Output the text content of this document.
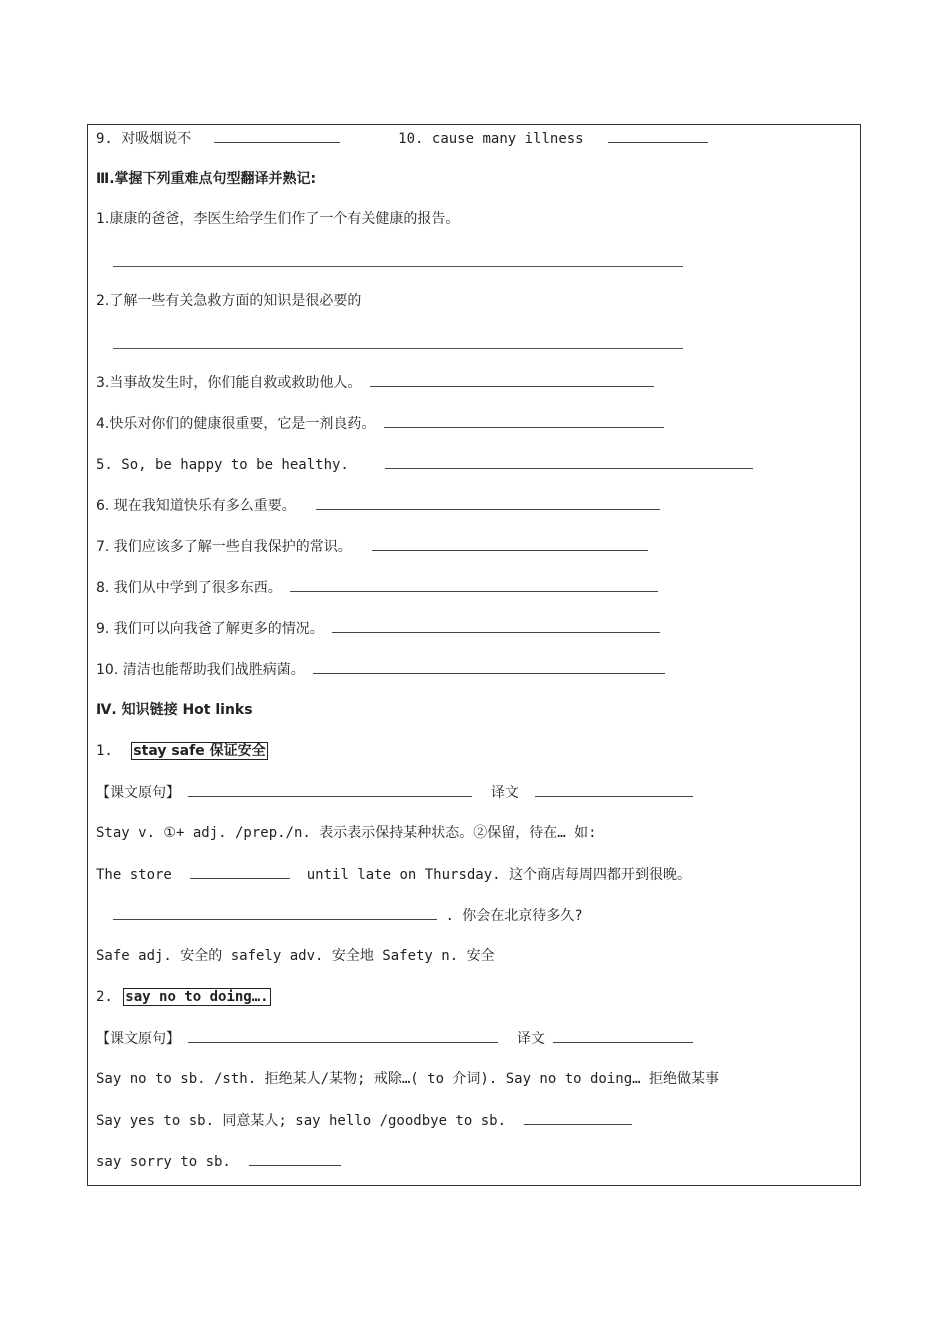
9. 对吸烟说不	10. cause many illness
Ⅲ.掌握下列重难点句型翻译并熟记:
1.康康的爸爸，李医生给学生们作了一个有关健康的报告。
2.了解一些有关急救方面的知识是很必要的
3.当事故发生时，你们能自救或救助他人。
4.快乐对你们的健康很重要，它是一剂良药。
5. So, be happy to be healthy.
6. 现在我知道快乐有多么重要。
7. 我们应该多了解一些自我保护的常识。
8. 我们从中学到了很多东西。
9. 我们可以向我爸了解更多的情况。
10. 清洁也能帮助我们战胜病菌。
Ⅳ. 知识链接 Hot links
1. stay safe 保证安全
【课文原句】	译文
Stay v. ①+ adj. /prep./n. 表示表示保持某种状态。②保留，待在… 如:
The store	until late on Thursday. 这个商店每周四都开到很晚。
. 你会在北京待多久?
Safe adj. 安全的 safely adv. 安全地 Safety n. 安全
2. say no to doing….
【课文原句】	译文
Say no to sb. /sth. 拒绝某人/某物; 戒除…( to 介词). Say no to doing… 拒绝做某事
Say yes to sb. 同意某人; say hello /goodbye to sb.
say sorry to sb.
